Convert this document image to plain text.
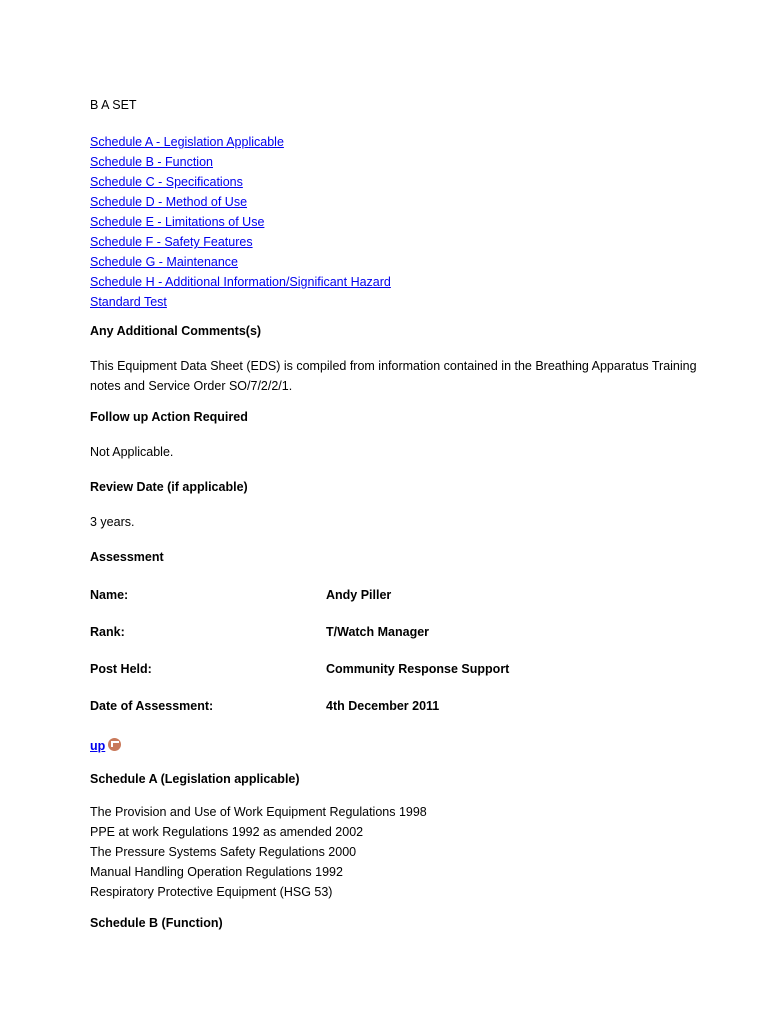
B A SET
Schedule A - Legislation Applicable
Schedule B - Function
Schedule C - Specifications
Schedule D - Method of Use
Schedule E - Limitations of Use
Schedule F - Safety Features
Schedule G - Maintenance
Schedule H - Additional Information/Significant Hazard
Standard Test
Any Additional Comments(s)
This Equipment Data Sheet (EDS) is compiled from information contained in the Breathing Apparatus Training notes and Service Order SO/7/2/2/1.
Follow up Action Required
Not Applicable.
Review Date (if applicable)
3 years.
Assessment
Name:	Andy Piller
Rank:	T/Watch Manager
Post Held:	Community Response Support
Date of Assessment:	4th December 2011
up
Schedule A (Legislation applicable)
The Provision and Use of Work Equipment Regulations 1998
PPE at work Regulations 1992 as amended 2002
The Pressure Systems Safety Regulations 2000
Manual Handling Operation Regulations 1992
Respiratory Protective Equipment (HSG 53)
Schedule B (Function)
